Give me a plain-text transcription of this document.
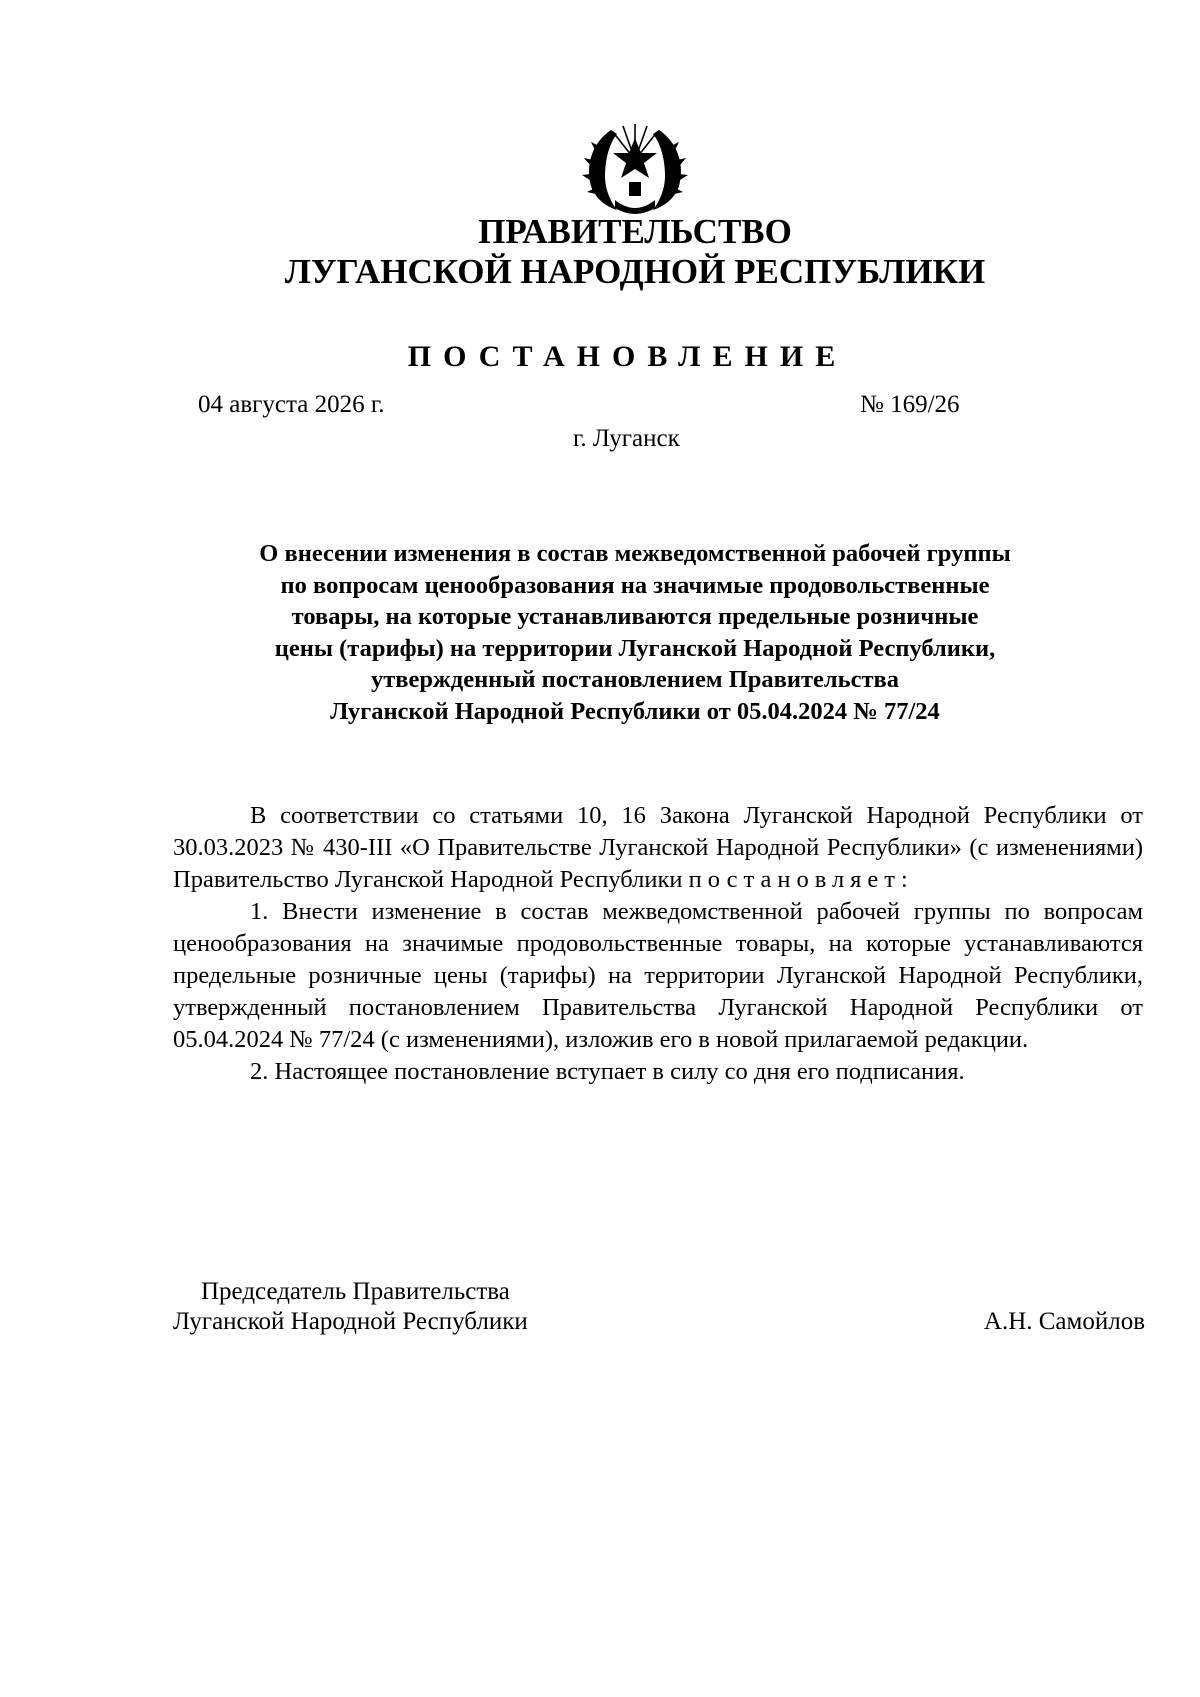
ПРАВИТЕЛЬСТВО
ЛУГАНСКОЙ НАРОДНОЙ РЕСПУБЛИКИ
ПОСТАНОВЛЕНИЕ
04 августа 2026 г.	№ 169/26
г. Луганск
О внесении изменения в состав межведомственной рабочей группы
по вопросам ценообразования на значимые продовольственные
товары, на которые устанавливаются предельные розничные
цены (тарифы) на территории Луганской Народной Республики,
утвержденный постановлением Правительства
Луганской Народной Республики от 05.04.2024 № 77/24

В соответствии со статьями 10, 16 Закона Луганской Народной Республики от 30.03.2023 № 430-III «О Правительстве Луганской Народной Республики» (с изменениями) Правительство Луганской Народной Республики постановляет:

1. Внести изменение в состав межведомственной рабочей группы по вопросам ценообразования на значимые продовольственные товары, на которые устанавливаются предельные розничные цены (тарифы) на территории Луганской Народной Республики, утвержденный постановлением Правительства Луганской Народной Республики от 05.04.2024 № 77/24 (с изменениями), изложив его в новой прилагаемой редакции.

2. Настоящее постановление вступает в силу со дня его подписания.

Председатель Правительства
Луганской Народной Республики	А.Н. Самойлов
